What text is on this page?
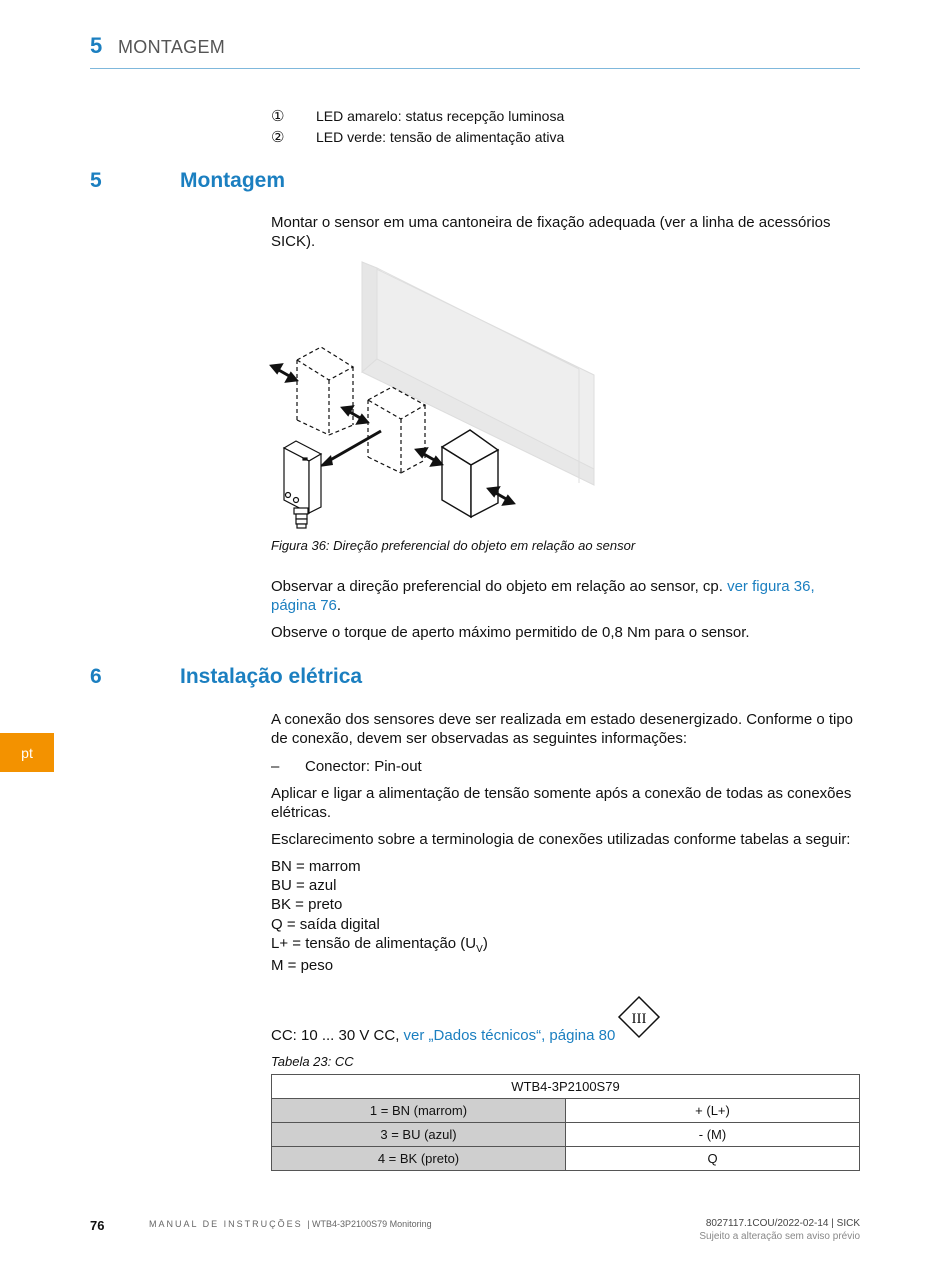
5 MONTAGEM
① LED amarelo: status recepção luminosa
② LED verde: tensão de alimentação ativa
5	Montagem
Montar o sensor em uma cantoneira de fixação adequada (ver a linha de acessórios SICK).
Figura 36: Direção preferencial do objeto em relação ao sensor
Observar a direção preferencial do objeto em relação ao sensor, cp. ver figura 36, página 76.
Observe o torque de aperto máximo permitido de 0,8 Nm para o sensor.
6	Instalação elétrica
pt
A conexão dos sensores deve ser realizada em estado desenergizado. Conforme o tipo de conexão, devem ser observadas as seguintes informações:
– Conector: Pin-out
Aplicar e ligar a alimentação de tensão somente após a conexão de todas as conexões elétricas.
Esclarecimento sobre a terminologia de conexões utilizadas conforme tabelas a seguir:
BN = marrom
BU = azul
BK = preto
Q = saída digital
L+ = tensão de alimentação $(U_V)$
M = peso
CC: 10 ... 30 V CC, ver „Dados técnicos“, página 80
III
Tabela 23: CC
WTB4-3P2100S79	
1 = BN (marrom)	+ (L+)
3 = BU (azul)	- (M)
4 = BK (preto)	Q
76	MANUAL DE INSTRUÇÕES | WTB4-3P2100S79 Monitoring	8027117.1COU/2022-02-14 | SICK
Sujeito a alteração sem aviso prévio
